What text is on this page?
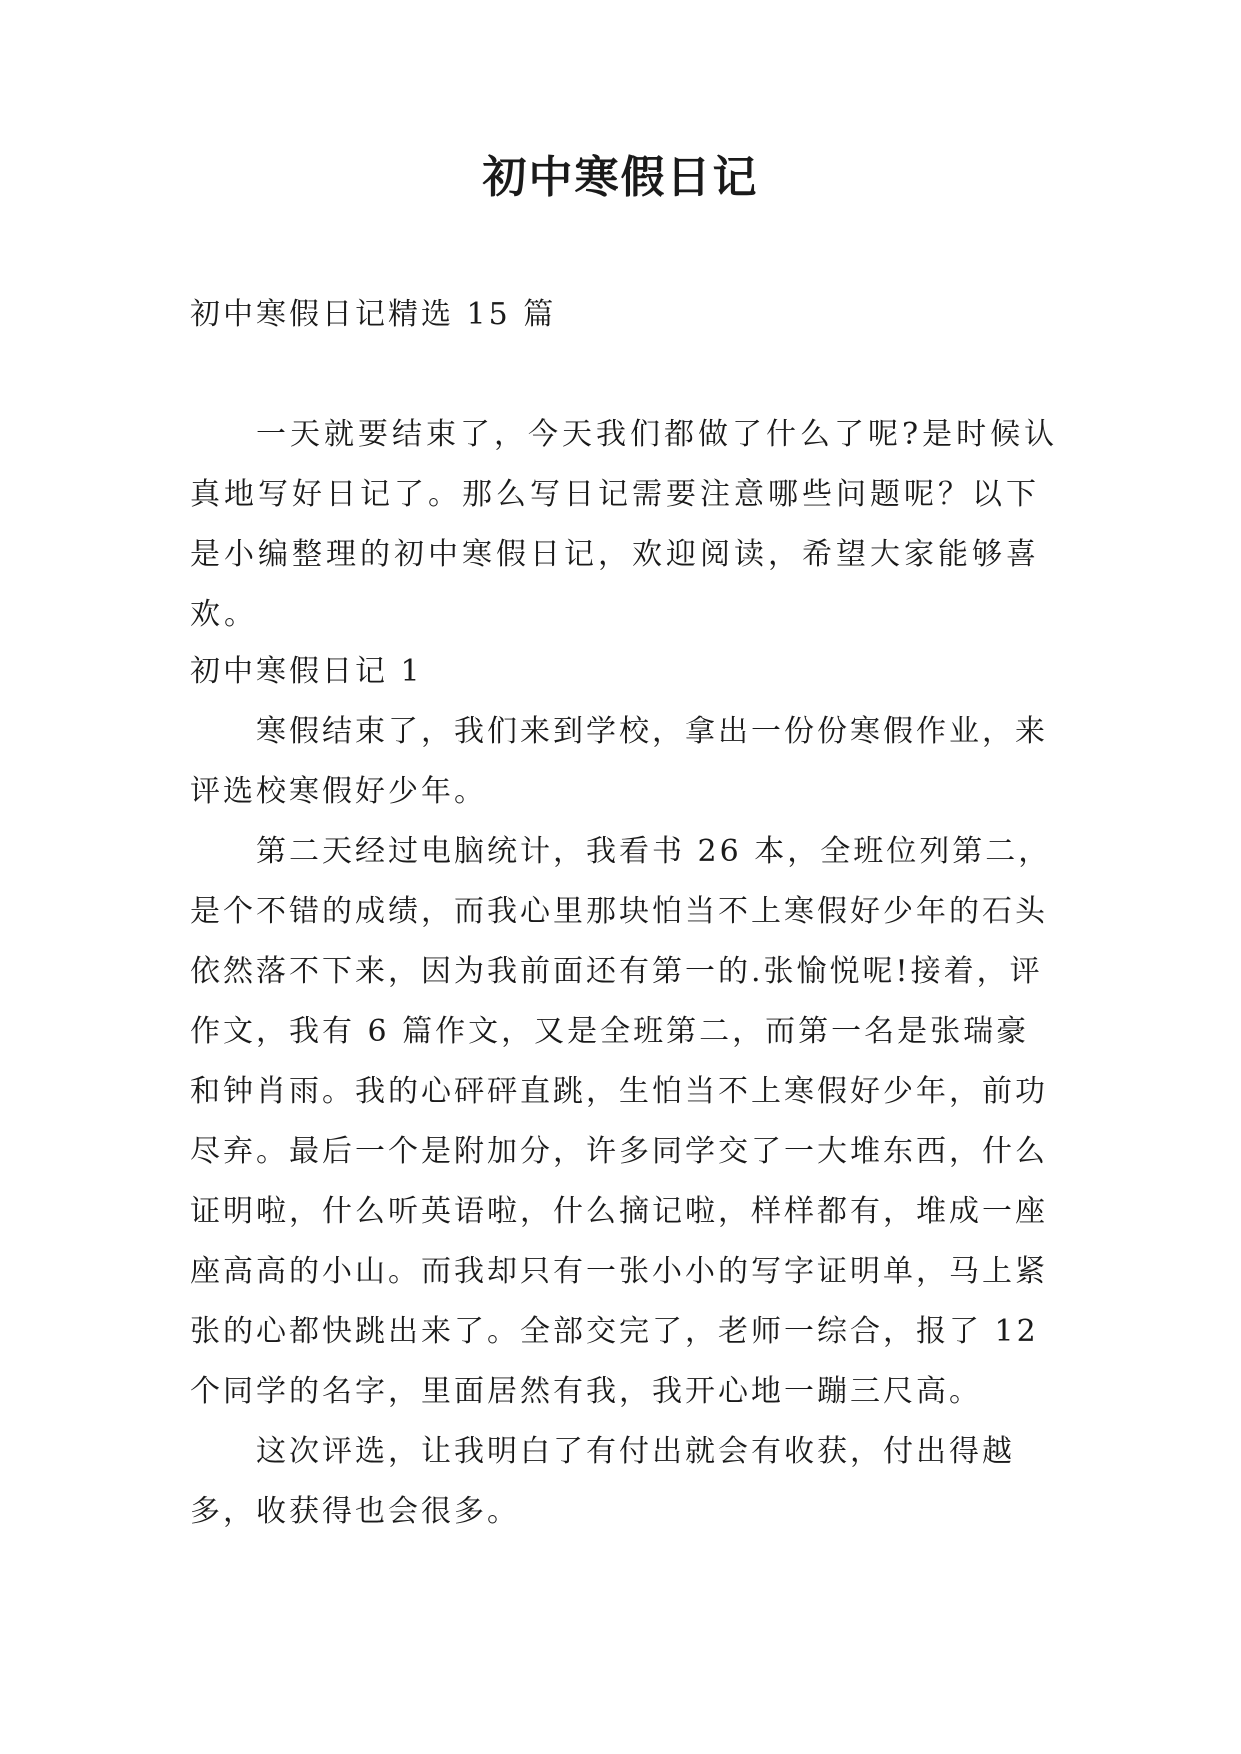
初中寒假日记

初中寒假日记精选 15 篇

一天就要结束了，今天我们都做了什么了呢?是时候认真地写好日记了。那么写日记需要注意哪些问题呢？以下是小编整理的初中寒假日记，欢迎阅读，希望大家能够喜欢。

初中寒假日记 1

寒假结束了，我们来到学校，拿出一份份寒假作业，来评选校寒假好少年。

第二天经过电脑统计，我看书 26 本，全班位列第二，是个不错的成绩，而我心里那块怕当不上寒假好少年的石头依然落不下来，因为我前面还有第一的.张愉悦呢!接着，评作文，我有 6 篇作文，又是全班第二，而第一名是张瑞豪和钟肖雨。我的心砰砰直跳，生怕当不上寒假好少年，前功尽弃。最后一个是附加分，许多同学交了一大堆东西，什么证明啦，什么听英语啦，什么摘记啦，样样都有，堆成一座座高高的小山。而我却只有一张小小的写字证明单，马上紧张的心都快跳出来了。全部交完了，老师一综合，报了 12 个同学的名字，里面居然有我，我开心地一蹦三尺高。

这次评选，让我明白了有付出就会有收获，付出得越多，收获得也会很多。
